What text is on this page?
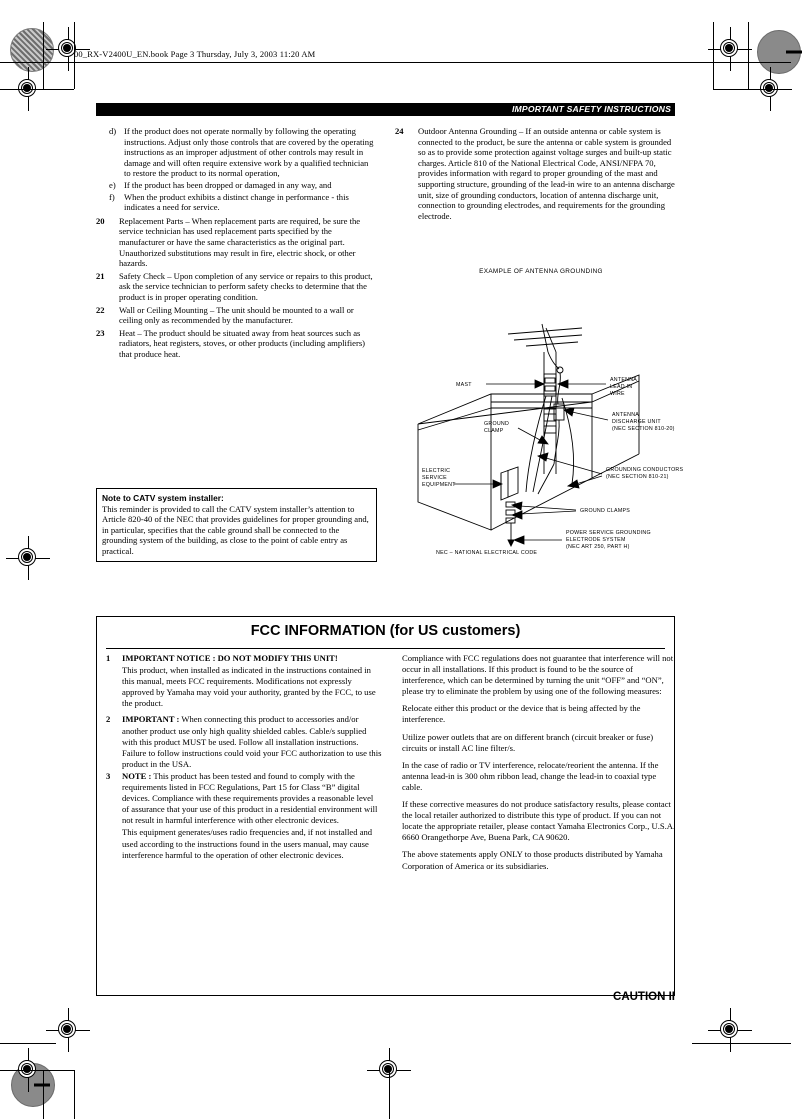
00_RX-V2400U_EN.book Page 3 Thursday, July 3, 2003 11:20 AM
IMPORTANT SAFETY INSTRUCTIONS
d) If the product does not operate normally by following the operating instructions. Adjust only those controls that are covered by the operating instructions as an improper adjustment of other controls may result in damage and will often require extensive work by a qualified technician to restore the product to its normal operation,
e) If the product has been dropped or damaged in any way, and
f)	When the product exhibits a distinct change in performance - this indicates a need for service.
20	Replacement Parts – When replacement parts are required, be sure the service technician has used replacement parts specified by the manufacturer or have the same characteristics as the original part. Unauthorized substitutions may result in fire, electric shock, or other hazards.
21	Safety Check – Upon completion of any service or repairs to this product, ask the service technician to perform safety checks to determine that the product is in proper operating condition.
22	Wall or Ceiling Mounting – The unit should be mounted to a wall or ceiling only as recommended by the manufacturer.
23	Heat – The product should be situated away from heat sources such as radiators, heat registers, stoves, or other products (including amplifiers) that produce heat.
24	Outdoor Antenna Grounding – If an outside antenna or cable system is connected to the product, be sure the antenna or cable system is grounded so as to provide some protection against voltage surges and built-up static charges. Article 810 of the National Electrical Code, ANSI/NFPA 70, provides information with regard to proper grounding of the mast and supporting structure, grounding of the lead-in wire to an antenna discharge unit, size of grounding conductors, location of antenna discharge unit, connection to grounding electrodes, and requirements for the grounding electrode.
Note to CATV system installer:

This reminder is provided to call the CATV system installer’s attention to Article 820-40 of the NEC that provides guidelines for proper grounding and, in particular, specifies that the cable ground shall be connected to the grounding system of the building, as close to the point of cable entry as practical.

EXAMPLE OF ANTENNA GROUNDING
MAST
ANTENNA
LEAD IN
WIRE
GROUND
CLAMP
ANTENNA
DISCHARGE UNIT
(NEC SECTION 810-20)
GROUNDING CONDUCTORS
(NEC SECTION 810-21)
ELECTRIC
SERVICE
EQUIPMENT
GROUND CLAMPS
POWER SERVICE GROUNDING
ELECTRODE SYSTEM
(NEC ART 250, PART H)
NEC – NATIONAL ELECTRICAL CODE
FCC INFORMATION (for US customers)
1	IMPORTANT NOTICE : DO NOT MODIFY THIS UNIT!

This product, when installed as indicated in the instructions contained in this manual, meets FCC requirements. Modifications not expressly approved by Yamaha may void your authority, granted by the FCC, to use the product.

2	IMPORTANT : When connecting this product to accessories and/or another product use only high quality shielded cables. Cable/s supplied with this product MUST be used. Follow all installation instructions. Failure to follow instructions could void your FCC authorization to use this product in the USA.
3	NOTE : This product has been tested and found to comply with the requirements listed in FCC Regulations, Part 15 for Class “B” digital devices. Compliance with these requirements provides a reasonable level of assurance that your use of this product in a residential environment will not result in harmful interference with other electronic devices.

This equipment generates/uses radio frequencies and, if not installed and used according to the instructions found in the users manual, may cause interference harmful to the operation of other electronic devices.

Compliance with FCC regulations does not guarantee that interference will not occur in all installations. If this product is found to be the source of interference, which can be determined by turning the unit “OFF” and “ON”, please try to eliminate the problem by using one of the following measures:

Relocate either this product or the device that is being affected by the interference.

Utilize power outlets that are on different branch (circuit breaker or fuse) circuits or install AC line filter/s.

In the case of radio or TV interference, relocate/reorient the antenna. If the antenna lead-in is 300 ohm ribbon lead, change the lead-in to coaxial type cable.

If these corrective measures do not produce satisfactory results, please contact the local retailer authorized to distribute this type of product. If you can not locate the appropriate retailer, please contact Yamaha Electronics Corp., U.S.A. 6660 Orangethorpe Ave, Buena Park, CA 90620.

The above statements apply ONLY to those products distributed by Yamaha Corporation of America or its subsidiaries.

CAUTION II
